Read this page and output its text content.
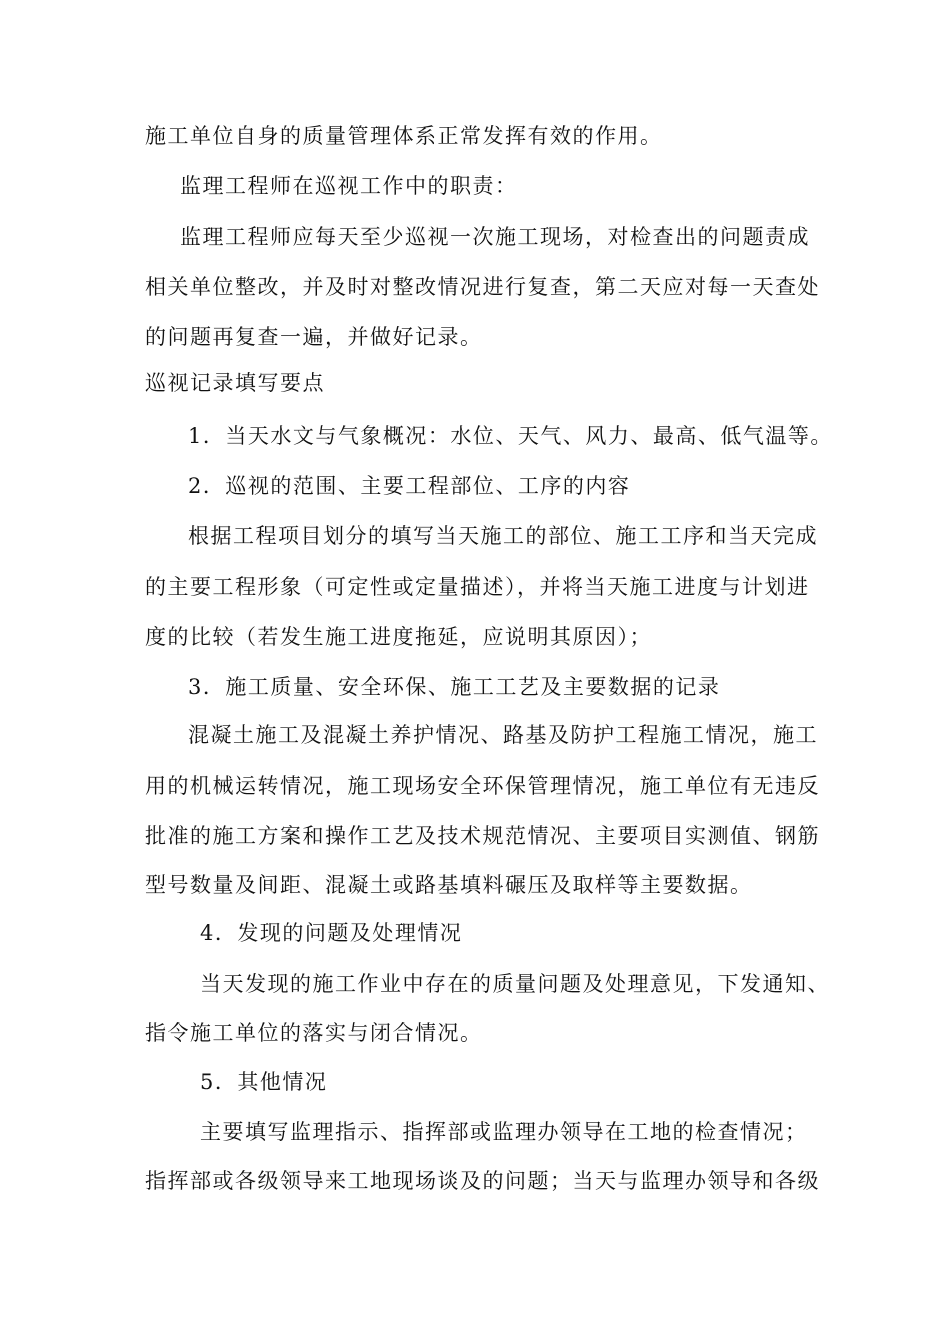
施工单位自身的质量管理体系正常发挥有效的作用。

监理工程师在巡视工作中的职责：

监理工程师应每天至少巡视一次施工现场，对检查出的问题责成

相关单位整改，并及时对整改情况进行复查，第二天应对每一天查处

的问题再复查一遍，并做好记录。

巡视记录填写要点

1．当天水文与气象概况：水位、天气、风力、最高、低气温等。

2．巡视的范围、主要工程部位、工序的内容

根据工程项目划分的填写当天施工的部位、施工工序和当天完成

的主要工程形象（可定性或定量描述），并将当天施工进度与计划进

度的比较（若发生施工进度拖延，应说明其原因）；

3．施工质量、安全环保、施工工艺及主要数据的记录

混凝土施工及混凝土养护情况、路基及防护工程施工情况，施工

用的机械运转情况，施工现场安全环保管理情况，施工单位有无违反

批准的施工方案和操作工艺及技术规范情况、主要项目实测值、钢筋

型号数量及间距、混凝土或路基填料碾压及取样等主要数据。

4．发现的问题及处理情况

当天发现的施工作业中存在的质量问题及处理意见，下发通知、

指令施工单位的落实与闭合情况。

5．其他情况

主要填写监理指示、指挥部或监理办领导在工地的检查情况；

指挥部或各级领导来工地现场谈及的问题；当天与监理办领导和各级
